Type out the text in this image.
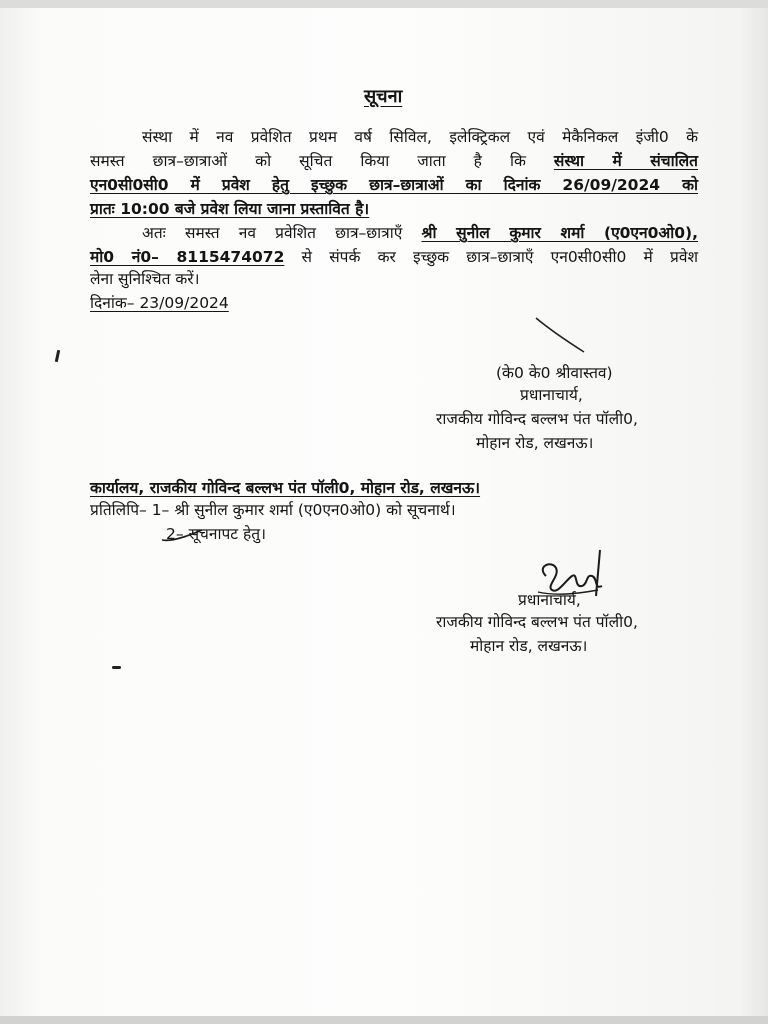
सूचना
संस्था में नव प्रवेशित प्रथम वर्ष सिविल, इलेक्ट्रिकल एवं मेकैनिकल इंजी0 के
समस्त छात्र–छात्राओं को सूचित किया जाता है कि संस्था में संचालित
एन0सी0सी0 में प्रवेश हेतु इच्छुक छात्र–छात्राओं का दिनांक 26/09/2024 को
प्रातः 10:00 बजे प्रवेश लिया जाना प्रस्तावित है।
अतः समस्त नव प्रवेशित छात्र–छात्राएँ श्री सुनील कुमार शर्मा (ए0एन0ओ0),
मो0 नं0– 8115474072 से संपर्क कर इच्छुक छात्र–छात्राएँ एन0सी0सी0 में प्रवेश
लेना सुनिश्चित करें।
दिनांक– 23/09/2024
(के0 के0 श्रीवास्तव)
प्रधानाचार्य,
राजकीय गोविन्द बल्लभ पंत पॉली0,
मोहान रोड, लखनऊ।
कार्यालय, राजकीय गोविन्द बल्लभ पंत पॉली0, मोहान रोड, लखनऊ।
प्रतिलिपि– 1– श्री सुनील कुमार शर्मा (ए0एन0ओ0) को सूचनार्थ।
2– सूचनापट हेतु।
प्रधानाचार्य,
राजकीय गोविन्द बल्लभ पंत पॉली0,
मोहान रोड, लखनऊ।
